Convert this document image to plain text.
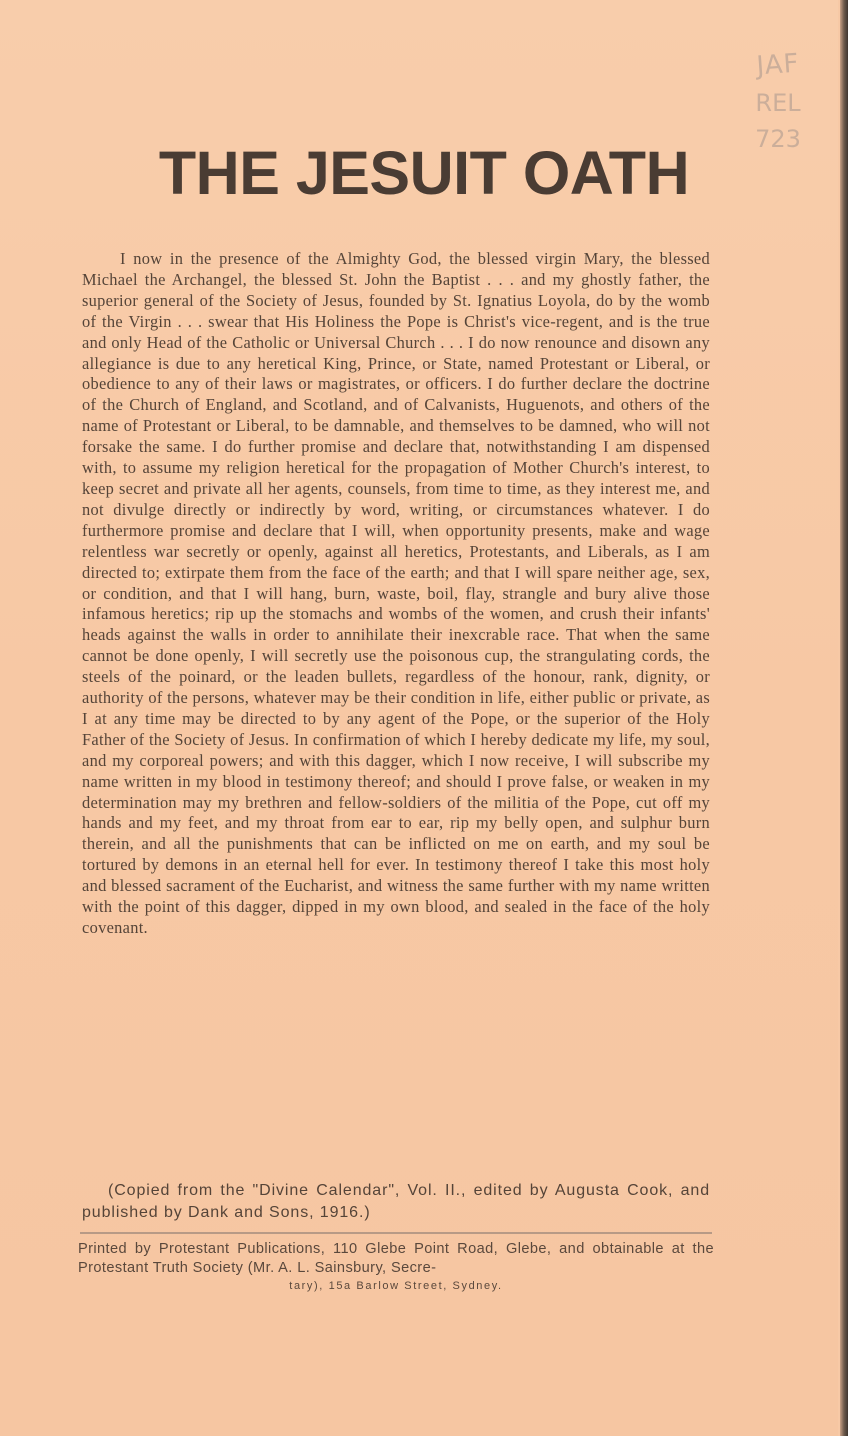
JAF
REL
723
THE JESUIT OATH
I now in the presence of the Almighty God, the blessed virgin Mary, the blessed Michael the Archangel, the blessed St. John the Baptist . . . and my ghostly father, the superior general of the Society of Jesus, founded by St. Ignatius Loyola, do by the womb of the Virgin . . . swear that His Holiness the Pope is Christ's vice-regent, and is the true and only Head of the Catholic or Universal Church . . . I do now renounce and disown any allegiance is due to any heretical King, Prince, or State, named Protestant or Liberal, or obedience to any of their laws or magistrates, or officers. I do further declare the doctrine of the Church of England, and Scotland, and of Calvanists, Huguenots, and others of the name of Protestant or Liberal, to be damnable, and themselves to be damned, who will not forsake the same. I do further promise and declare that, notwithstanding I am dispensed with, to assume my religion heretical for the propagation of Mother Church's interest, to keep secret and private all her agents, counsels, from time to time, as they interest me, and not divulge directly or indirectly by word, writing, or circumstances whatever. I do furthermore promise and declare that I will, when opportunity presents, make and wage relentless war secretly or openly, against all heretics, Protestants, and Liberals, as I am directed to; extirpate them from the face of the earth; and that I will spare neither age, sex, or condition, and that I will hang, burn, waste, boil, flay, strangle and bury alive those infamous heretics; rip up the stomachs and wombs of the women, and crush their infants' heads against the walls in order to annihilate their inexcrable race. That when the same cannot be done openly, I will secretly use the poisonous cup, the strangulating cords, the steels of the poinard, or the leaden bullets, regardless of the honour, rank, dignity, or authority of the persons, whatever may be their condition in life, either public or private, as I at any time may be directed to by any agent of the Pope, or the superior of the Holy Father of the Society of Jesus. In confirmation of which I hereby dedicate my life, my soul, and my corporeal powers; and with this dagger, which I now receive, I will subscribe my name written in my blood in testimony thereof; and should I prove false, or weaken in my determination may my brethren and fellow-soldiers of the militia of the Pope, cut off my hands and my feet, and my throat from ear to ear, rip my belly open, and sulphur burn therein, and all the punishments that can be inflicted on me on earth, and my soul be tortured by demons in an eternal hell for ever. In testimony thereof I take this most holy and blessed sacrament of the Eucharist, and witness the same further with my name written with the point of this dagger, dipped in my own blood, and sealed in the face of the holy covenant.
(Copied from the "Divine Calendar", Vol. II., edited by Augusta Cook, and published by Dank and Sons, 1916.)
Printed by Protestant Publications, 110 Glebe Point Road, Glebe, and obtainable at the Protestant Truth Society (Mr. A. L. Sainsbury, Secre-
tary), 15a Barlow Street, Sydney.
